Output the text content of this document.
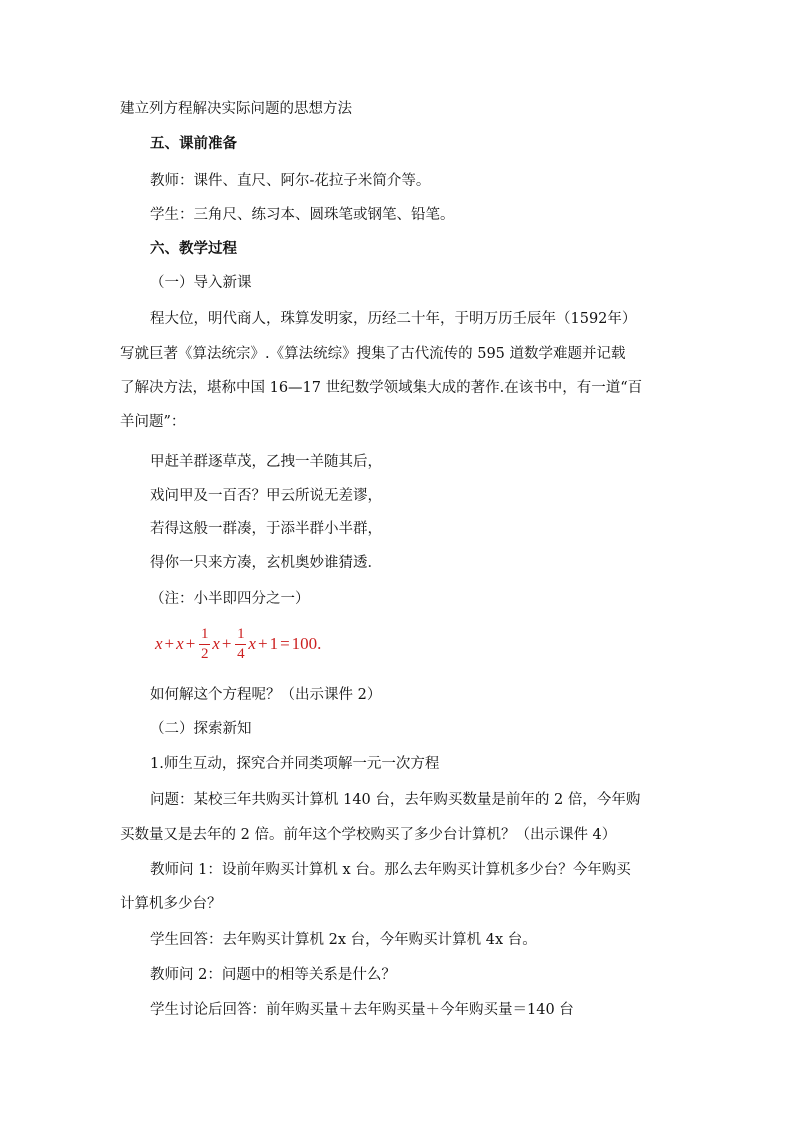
建立列方程解决实际问题的思想方法
五、课前准备
教师：课件、直尺、阿尔-花拉子米简介等。
学生：三角尺、练习本、圆珠笔或钢笔、铅笔。
六、教学过程
（一）导入新课
程大位，明代商人，珠算发明家，历经二十年，于明万历壬辰年（1592年）
写就巨著《算法统宗》.《算法统综》搜集了古代流传的 595 道数学难题并记载
了解决方法，堪称中国 16—17 世纪数学领域集大成的著作.在该书中，有一道“百
羊问题”：
甲赶羊群逐草茂，乙拽一羊随其后，
戏问甲及一百否？甲云所说无差谬，
若得这般一群凑，于添半群小半群，
得你一只来方凑，玄机奥妙谁猜透．
（注：小半即四分之一）
$x + x + \frac{1}{2}$ $x + \frac{1}{4}$ x + 1 = 100.
如何解这个方程呢？（出示课件 2）
（二）探索新知
1.师生互动，探究合并同类项解一元一次方程
问题：某校三年共购买计算机 140 台，去年购买数量是前年的 2 倍，今年购
买数量又是去年的 2 倍。前年这个学校购买了多少台计算机？（出示课件 4）
教师问 1：设前年购买计算机 x 台。那么去年购买计算机多少台？今年购买
计算机多少台？
学生回答：去年购买计算机 2x 台，今年购买计算机 4x 台。
教师问 2：问题中的相等关系是什么？
学生讨论后回答：前年购买量＋去年购买量＋今年购买量＝140 台
